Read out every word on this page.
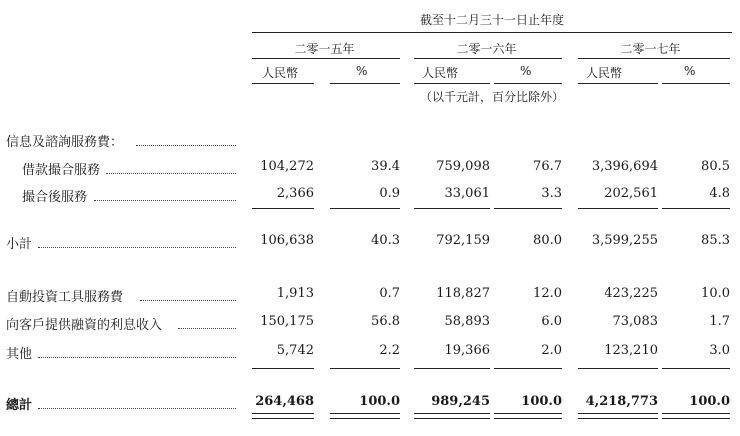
截至十二月三十一日止年度
二零一五年	二零一六年	二零一七年
人民幣	%	人民幣	%	人民幣	%
（以千元計，百分比除外）
信息及諮詢服務費：
借款撮合服務	104,272	39.4	759,098	76.7	3,396,694	80.5
撮合後服務	2,366	0.9	33,061	3.3	202,561	4.8
小計	106,638	40.3	792,159	80.0	3,599,255	85.3
自動投資工具服務費	1,913	0.7	118,827	12.0	423,225	10.0
向客戶提供融資的利息收入	150,175	56.8	58,893	6.0	73,083	1.7
其他	5,742	2.2	19,366	2.0	123,210	3.0
總計	264,468	100.0	989,245	100.0	4,218,773	100.0
